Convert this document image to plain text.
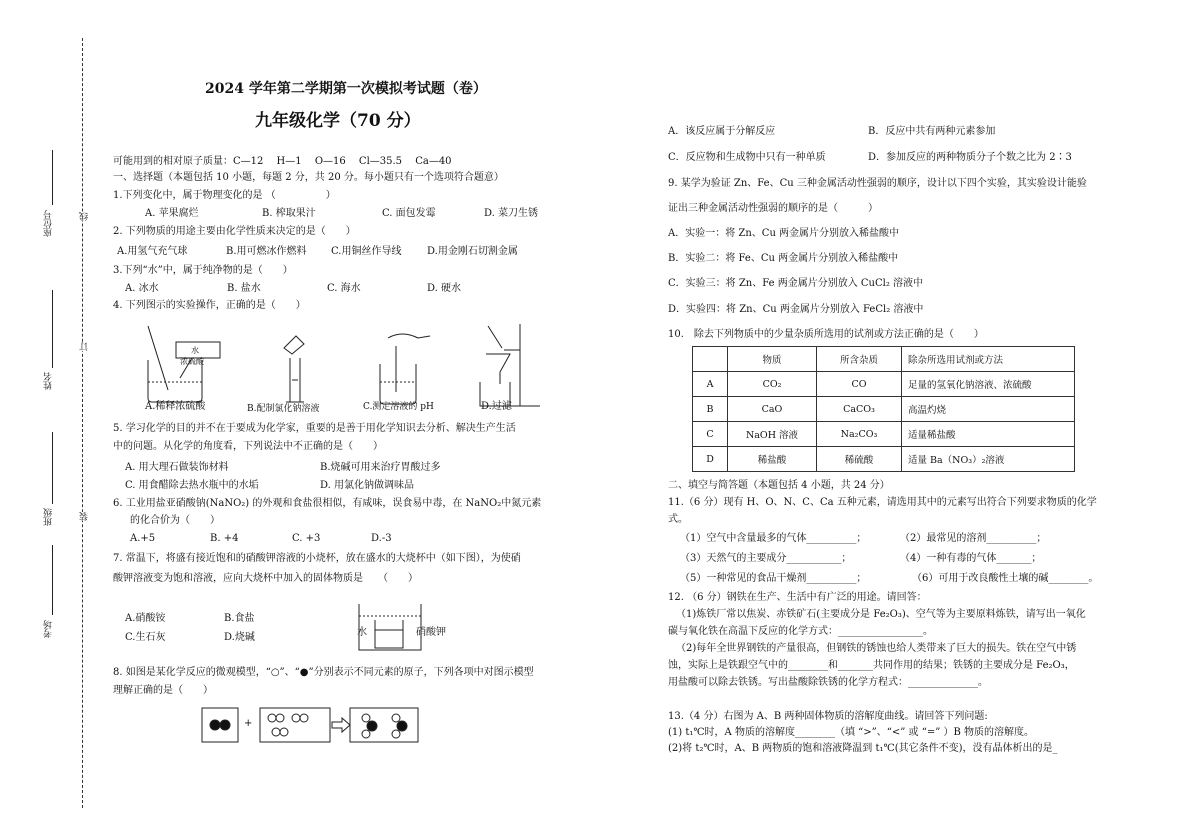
座位号
姓名
班级
考场
线
订
装
2024 学年第二学期第一次模拟考试题（卷）
九年级化学（70 分）
可能用到的相对原子质量：C—12　 H—1　 O—16　 Cl—35.5　 Ca—40
一、选择题（本题包括 10 小题，每题 2 分，共 20 分。每小题只有一个选项符合题意）
1.下列变化中，属于物理变化的是 （　　　　　）
A. 苹果腐烂	B. 榨取果汁	C. 面包发霉	D. 菜刀生锈
2. 下列物质的用途主要由化学性质来决定的是（　　）
A.用氢气充气球	B.用可燃冰作燃料 C.用铜丝作导线	D.用金刚石切割金属
3.下列“水”中，属于纯净物的是（　　）
A. 冰水	B. 盐水	C. 海水	D. 硬水
4. 下列图示的实验操作，正确的是（　　）
水
浓硫酸
A.稀释浓硫酸	B.配制氯化钠溶液	C.测定溶液的 pH	D.过滤
5. 学习化学的目的并不在于要成为化学家，重要的是善于用化学知识去分析、解决生产生活
中的问题。从化学的角度看，下列说法中不正确的是（　　）
A. 用大理石做装饰材料	B.烧碱可用来治疗胃酸过多
C. 用食醋除去热水瓶中的水垢	D. 用氯化钠做调味品
6. 工业用盐亚硝酸钠(NaNO₂) 的外观和食盐很相似，有咸味，误食易中毒，在 NaNO₂中氮元素
的化合价为（　　）
A.+5	B. +4	C. +3	D.-3
7. 常温下，将盛有接近饱和的硝酸钾溶液的小烧杯，放在盛水的大烧杯中（如下图），为使硝
酸钾溶液变为饱和溶液，应向大烧杯中加入的固体物质是　　（　　）
A.硝酸铵	B.食盐
C.生石灰	D.烧碱	水	硝酸钾
8. 如图是某化学反应的微观模型，“○”、“●”分别表示不同元素的原子，下列各项中对图示模型
理解正确的是（　　）
+
A．该反应属于分解反应	B．反应中共有两种元素参加
C．反应物和生成物中只有一种单质	D．参加反应的两种物质分子个数之比为 2∶3
9. 某学为验证 Zn、Fe、Cu 三种金属活动性强弱的顺序，设计以下四个实验，其实验设计能验
证出三种金属活动性强弱的顺序的是（　　　）
A．实验一：将 Zn、Cu 两金属片分别放入稀盐酸中
B．实验二：将 Fe、Cu 两金属片分别放入稀盐酸中
C．实验三：将 Zn、Fe 两金属片分别放入 CuCl₂ 溶液中
D．实验四：将 Zn、Cu 两金属片分别放入 FeCl₂ 溶液中
10.　除去下列物质中的少量杂质所选用的试剂或方法正确的是（　　）
	物质	所含杂质	除杂所选用试剂或方法
A	CO₂	CO	足量的氢氧化钠溶液、浓硫酸
B	CaO	CaCO₃	高温灼烧
C	NaOH 溶液	Na₂CO₃	适量稀盐酸
D	稀盐酸	稀硫酸	适量 Ba（NO₃）₂溶液
二、填空与简答题（本题包括 4 小题，共 24 分）
11.（6 分）现有 H、O、N、C、Ca 五种元素，请选用其中的元素写出符合下列要求物质的化学
式。
（1）空气中含量最多的气体__________；	（2）最常见的溶剂__________；
（3）天然气的主要成分___________；	（4）一种有毒的气体_______；
（5）一种常见的食品干燥剂__________；	（6）可用于改良酸性土壤的碱________。
12. （6 分）钢铁在生产、生活中有广泛的用途。请回答：
（1)炼铁厂常以焦炭、赤铁矿石(主要成分是 Fe₂O₃)、空气等为主要原料炼铁，请写出一氧化
碳与氧化铁在高温下反应的化学方式：_________________。
（2)每年全世界钢铁的产量很高，但钢铁的锈蚀也给人类带来了巨大的损失。铁在空气中锈
蚀，实际上是铁跟空气中的________和_______共同作用的结果；铁锈的主要成分是 Fe₂O₃，
用盐酸可以除去铁锈。写出盐酸除铁锈的化学方程式：______________。
13.（4 分）右图为 A、B 两种固体物质的溶解度曲线。请回答下列问题:
(1) t₁℃时，A 物质的溶解度________（填 “>”、“<” 或 “=” ）B 物质的溶解度。
(2)将 t₂℃时，A、B 两物质的饱和溶液降温到 t₁℃(其它条件不变)，没有晶体析出的是_
